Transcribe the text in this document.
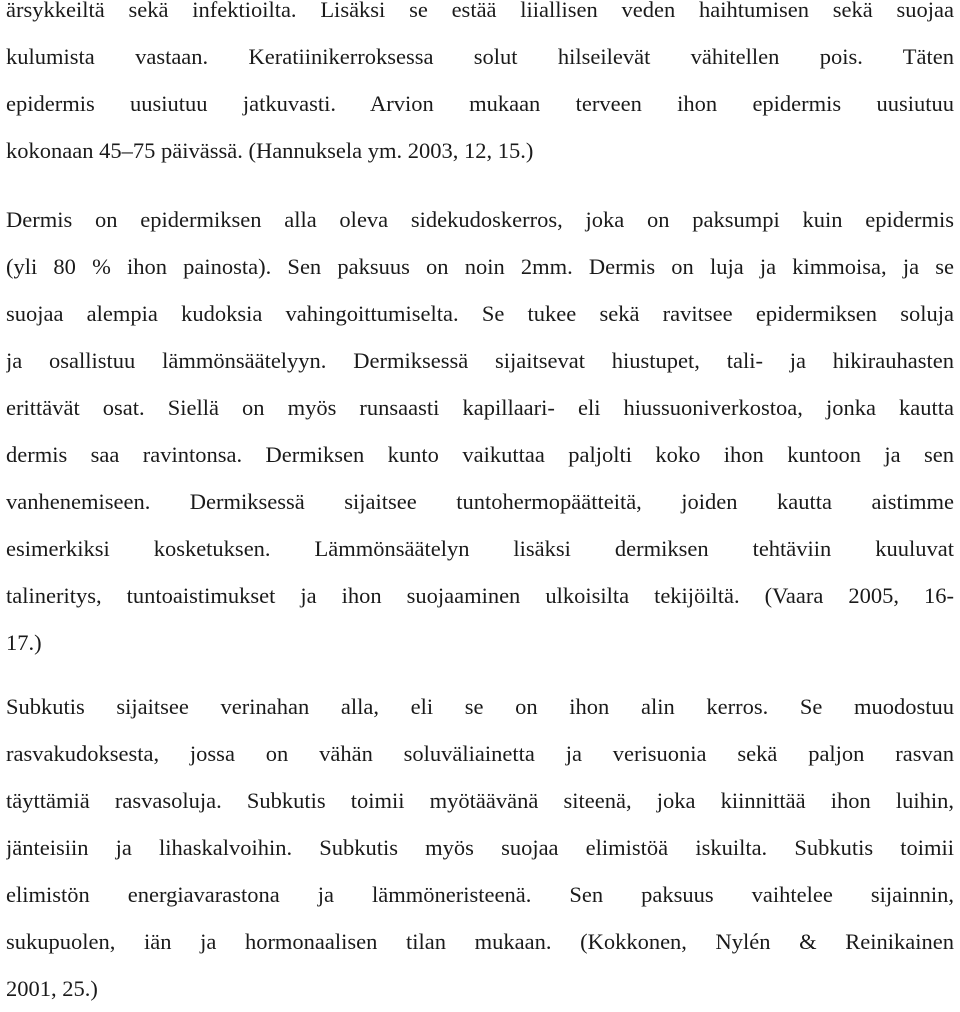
ärsykkeiltä sekä infektioilta. Lisäksi se estää liiallisen veden haihtumisen sekä suojaa
kulumista vastaan. Keratiinikerroksessa solut hilseilevät vähitellen pois. Täten
epidermis uusiutuu jatkuvasti. Arvion mukaan terveen ihon epidermis uusiutuu
kokonaan 45–75 päivässä. (Hannuksela ym. 2003, 12, 15.)
Dermis on epidermiksen alla oleva sidekudoskerros, joka on paksumpi kuin epidermis
(yli 80 % ihon painosta). Sen paksuus on noin 2mm. Dermis on luja ja kimmoisa, ja se
suojaa alempia kudoksia vahingoittumiselta. Se tukee sekä ravitsee epidermiksen soluja
ja osallistuu lämmönsäätelyyn. Dermiksessä sijaitsevat hiustupet, tali- ja hikirauhasten
erittävät osat. Siellä on myös runsaasti kapillaari- eli hiussuoniverkostoa, jonka kautta
dermis saa ravintonsa. Dermiksen kunto vaikuttaa paljolti koko ihon kuntoon ja sen
vanhenemiseen. Dermiksessä sijaitsee tuntohermopäätteitä, joiden kautta aistimme
esimerkiksi kosketuksen. Lämmönsäätelyn lisäksi dermiksen tehtäviin kuuluvat
talineritys, tuntoaistimukset ja ihon suojaaminen ulkoisilta tekijöiltä. (Vaara 2005, 16-
17.)
Subkutis sijaitsee verinahan alla, eli se on ihon alin kerros. Se muodostuu
rasvakudoksesta, jossa on vähän soluväliainetta ja verisuonia sekä paljon rasvan
täyttämiä rasvasoluja. Subkutis toimii myötäävänä siteenä, joka kiinnittää ihon luihin,
jänteisiin ja lihaskalvoihin. Subkutis myös suojaa elimistöä iskuilta. Subkutis toimii
elimistön energiavarastona ja lämmöneristeenä. Sen paksuus vaihtelee sijainnin,
sukupuolen, iän ja hormonaalisen tilan mukaan. (Kokkonen, Nylén & Reinikainen
2001, 25.)
